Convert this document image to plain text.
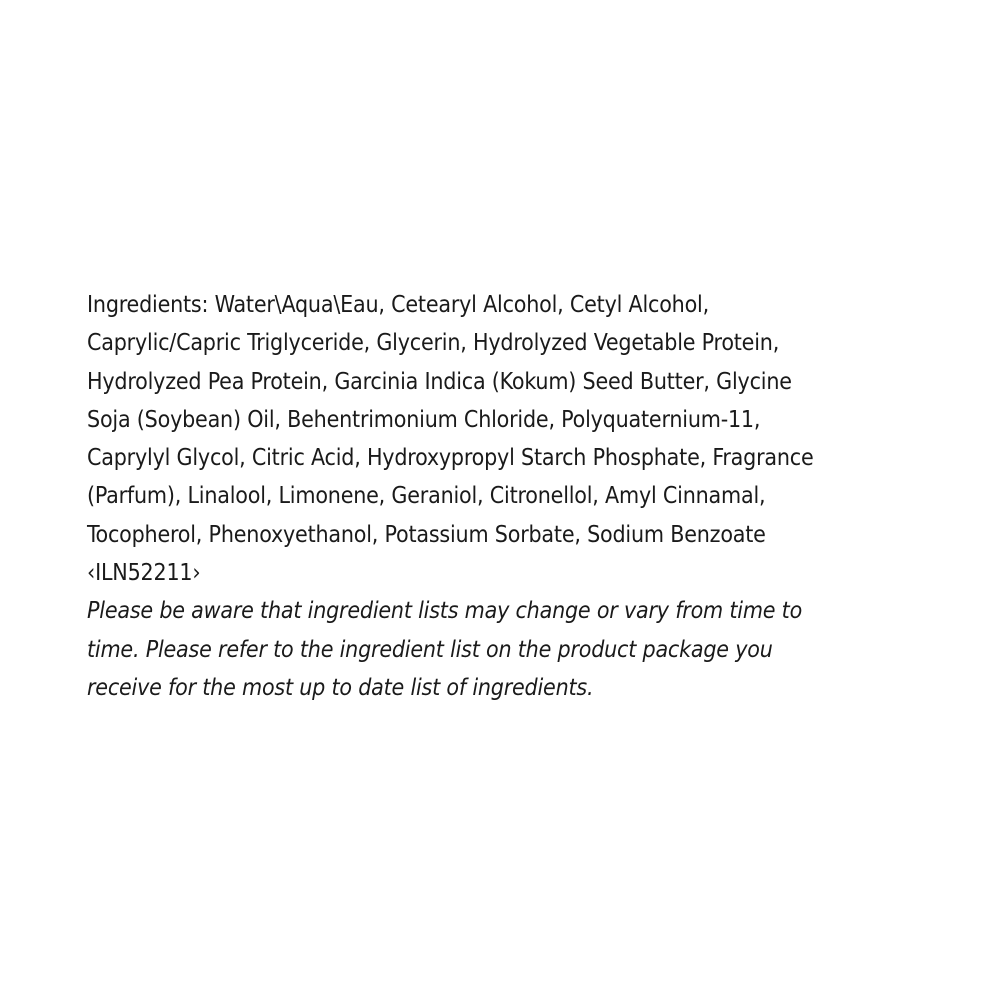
Ingredients: Water\Aqua\Eau, Cetearyl Alcohol, Cetyl Alcohol,
Caprylic/Capric Triglyceride, Glycerin, Hydrolyzed Vegetable Protein,
Hydrolyzed Pea Protein, Garcinia Indica (Kokum) Seed Butter, Glycine
Soja (Soybean) Oil, Behentrimonium Chloride, Polyquaternium-11,
Caprylyl Glycol, Citric Acid, Hydroxypropyl Starch Phosphate, Fragrance
(Parfum), Linalool, Limonene, Geraniol, Citronellol, Amyl Cinnamal,
Tocopherol, Phenoxyethanol, Potassium Sorbate, Sodium Benzoate
‹ILN52211›
Please be aware that ingredient lists may change or vary from time to
time. Please refer to the ingredient list on the product package you
receive for the most up to date list of ingredients.
